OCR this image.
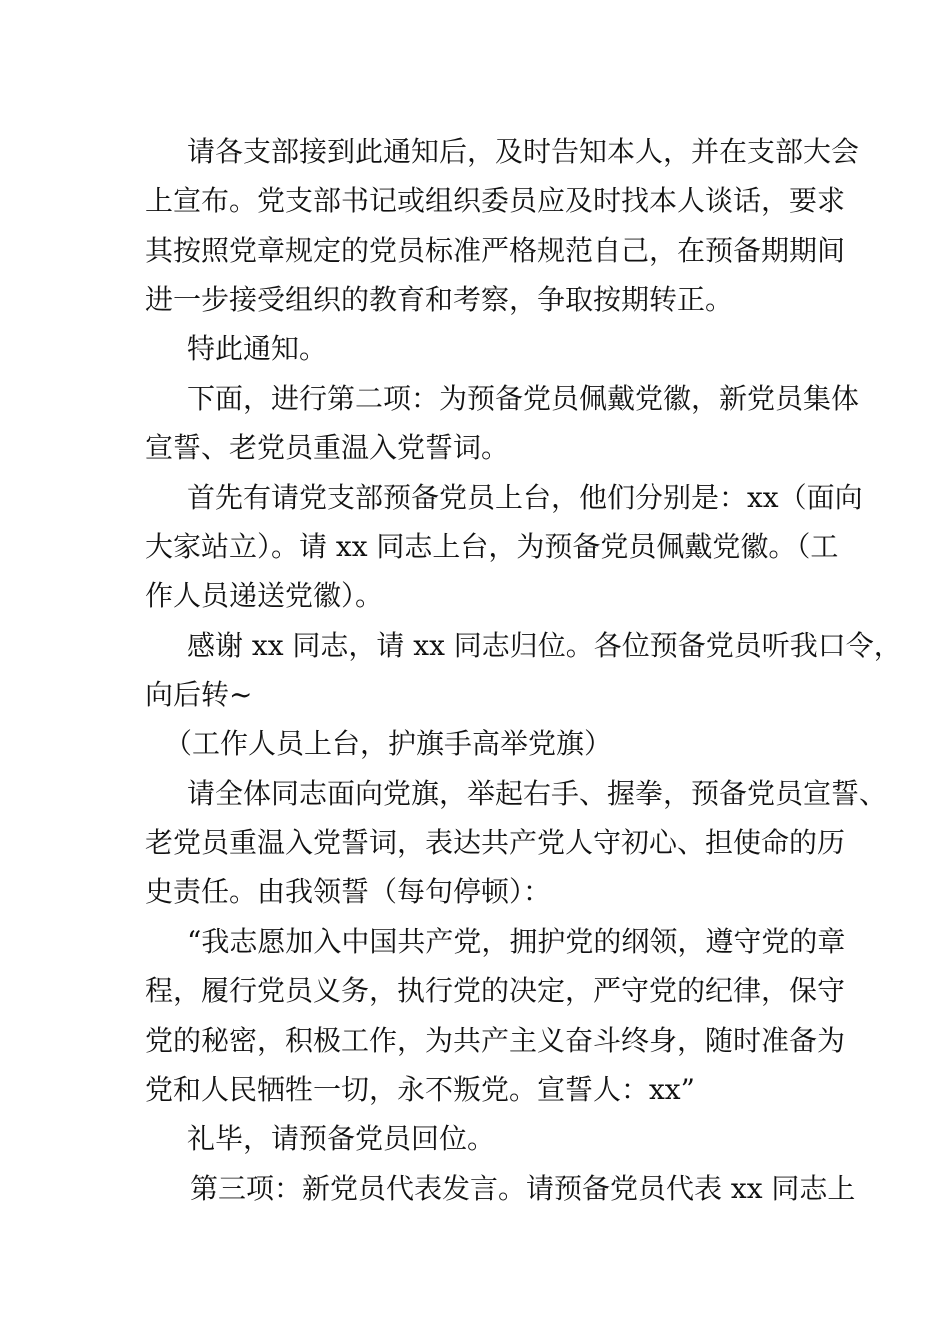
请各支部接到此通知后，及时告知本人，并在支部大会
上宣布。党支部书记或组织委员应及时找本人谈话，要求
其按照党章规定的党员标准严格规范自己，在预备期期间
进一步接受组织的教育和考察，争取按期转正。
特此通知。
下面，进行第二项：为预备党员佩戴党徽，新党员集体
宣誓、老党员重温入党誓词。
首先有请党支部预备党员上台，他们分别是：xx（面向
大家站立）。请 xx 同志上台，为预备党员佩戴党徽。（工
作人员递送党徽）。
感谢 xx 同志，请 xx 同志归位。各位预备党员听我口令，
向后转~
（工作人员上台，护旗手高举党旗）
请全体同志面向党旗，举起右手、握拳，预备党员宣誓、
老党员重温入党誓词，表达共产党人守初心、担使命的历
史责任。由我领誓（每句停顿）：
“我志愿加入中国共产党，拥护党的纲领，遵守党的章
程，履行党员义务，执行党的决定，严守党的纪律，保守
党的秘密，积极工作，为共产主义奋斗终身，随时准备为
党和人民牺牲一切，永不叛党。宣誓人：xx”
礼毕，请预备党员回位。
第三项：新党员代表发言。请预备党员代表 xx 同志上
